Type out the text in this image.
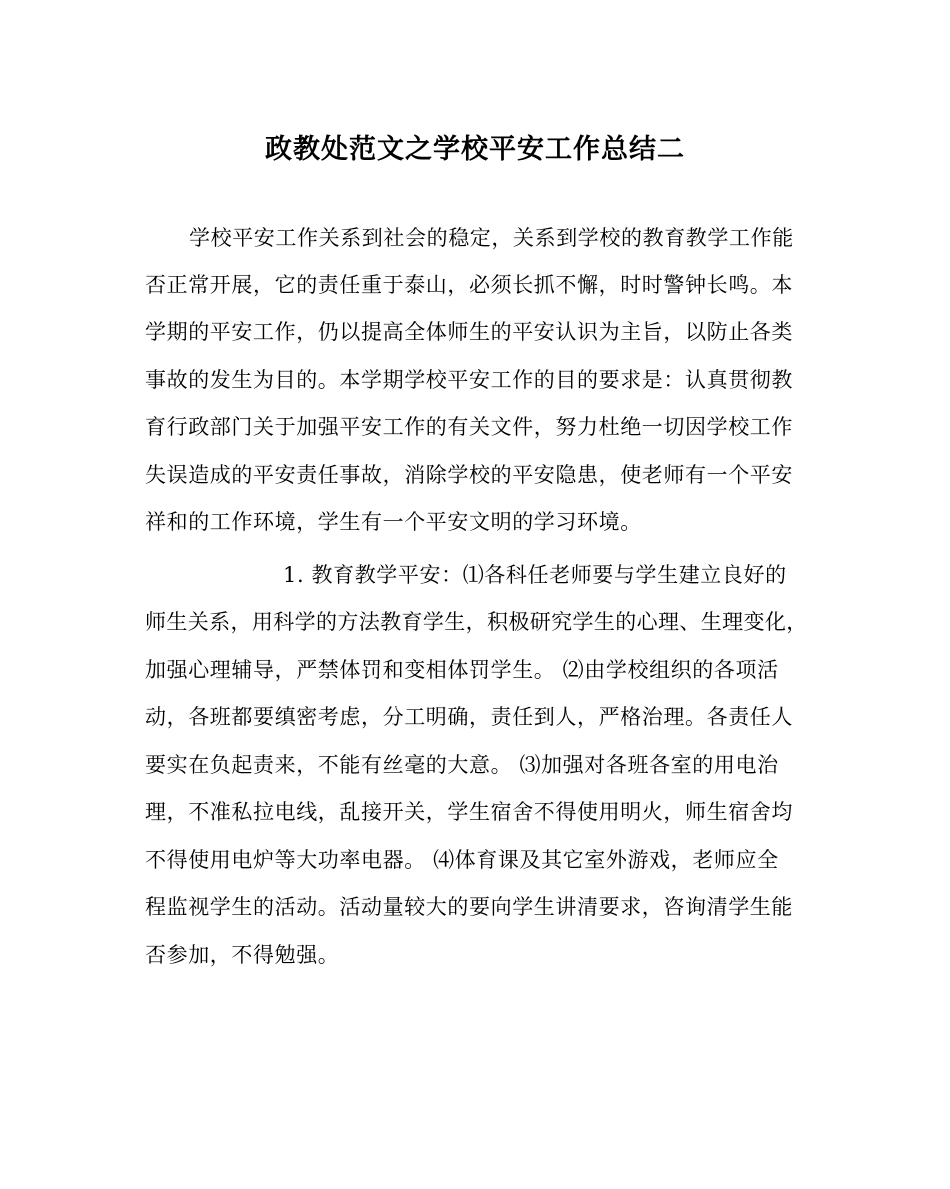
政教处范文之学校平安工作总结二
学校平安工作关系到社会的稳定，关系到学校的教育教学工作能
否正常开展，它的责任重于泰山，必须长抓不懈，时时警钟长鸣。本
学期的平安工作，仍以提高全体师生的平安认识为主旨，以防止各类
事故的发生为目的。本学期学校平安工作的目的要求是：认真贯彻教
育行政部门关于加强平安工作的有关文件，努力杜绝一切因学校工作
失误造成的平安责任事故，消除学校的平安隐患，使老师有一个平安
祥和的工作环境，学生有一个平安文明的学习环境。
1. 教育教学平安：⑴各科任老师要与学生建立良好的
师生关系，用科学的方法教育学生，积极研究学生的心理、生理变化，
加强心理辅导，严禁体罚和变相体罚学生。 ⑵由学校组织的各项活
动，各班都要缜密考虑，分工明确，责任到人，严格治理。各责任人
要实在负起责来，不能有丝毫的大意。 ⑶加强对各班各室的用电治
理，不准私拉电线，乱接开关，学生宿舍不得使用明火，师生宿舍均
不得使用电炉等大功率电器。 ⑷体育课及其它室外游戏，老师应全
程监视学生的活动。活动量较大的要向学生讲清要求，咨询清学生能
否参加，不得勉强。
